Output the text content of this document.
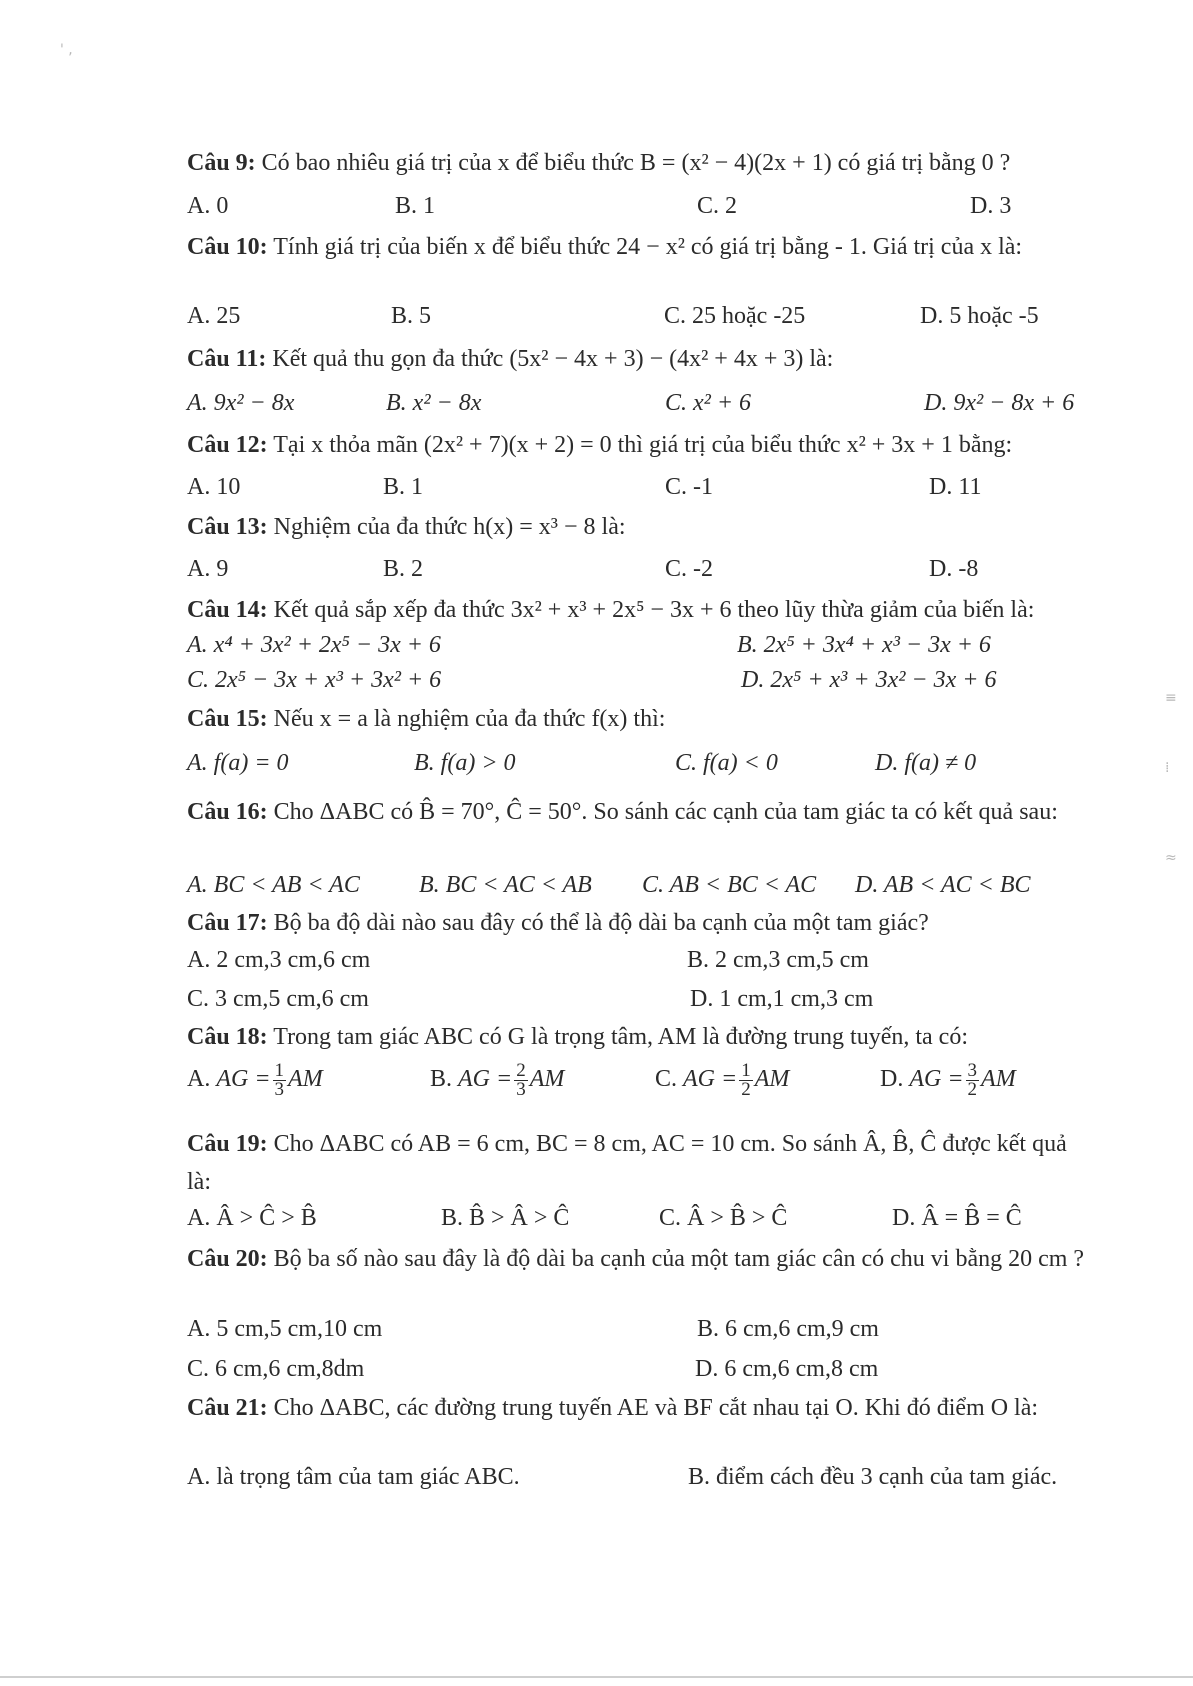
Câu 9: Có bao nhiêu giá trị của x để biểu thức B = (x² − 4)(2x + 1) có giá trị bằng 0 ?
A. 0	B. 1	C. 2	D. 3
Câu 10: Tính giá trị của biến x để biểu thức 24 − x² có giá trị bằng - 1. Giá trị của x là:
A. 25	B. 5	C. 25 hoặc -25	D. 5 hoặc -5
Câu 11: Kết quả thu gọn đa thức (5x² − 4x + 3) − (4x² + 4x + 3) là:
A. 9x² − 8x	B. x² − 8x	C. x² + 6	D. 9x² − 8x + 6
Câu 12: Tại x thỏa mãn (2x² + 7)(x + 2) = 0 thì giá trị của biểu thức x² + 3x + 1 bằng:
A. 10	B. 1	C. -1	D. 11
Câu 13: Nghiệm của đa thức h(x) = x³ − 8 là:
A. 9	B. 2	C. -2	D. -8
Câu 14: Kết quả sắp xếp đa thức 3x² + x³ + 2x⁵ − 3x + 6 theo lũy thừa giảm của biến là:
A. x⁴ + 3x² + 2x⁵ − 3x + 6	B. 2x⁵ + 3x⁴ + x³ − 3x + 6
C. 2x⁵ − 3x + x³ + 3x² + 6	D. 2x⁵ + x³ + 3x² − 3x + 6
Câu 15: Nếu x = a là nghiệm của đa thức f(x) thì:
A. f(a) = 0	B. f(a) > 0	C. f(a) < 0	D. f(a) ≠ 0
Câu 16: Cho ΔABC có B̂ = 70°, Ĉ = 50°. So sánh các cạnh của tam giác ta có kết quả sau:
A. BC < AB < AC B. BC < AC < AB C. AB < BC < AC D. AB < AC < BC
Câu 17: Bộ ba độ dài nào sau đây có thể là độ dài ba cạnh của một tam giác?
A. 2 cm,3 cm,6 cm	B. 2 cm,3 cm,5 cm
C. 3 cm,5 cm,6 cm	D. 1 cm,1 cm,3 cm
Câu 18: Trong tam giác ABC có G là trọng tâm, AM là đường trung tuyến, ta có:
A. AG = $\frac{1}{3}$ AM	B. AG = $\frac{2}{3}$ AM	C. AG = $\frac{1}{2}$ AM	D. AG = $\frac{3}{2}$ AM
Câu 19: Cho ΔABC có AB = 6 cm, BC = 8 cm, AC = 10 cm. So sánh Â, B̂, Ĉ được kết quả là:
A. Â > Ĉ > B̂	B. B̂ > Â > Ĉ	C. Â > B̂ > Ĉ	D. Â = B̂ = Ĉ
Câu 20: Bộ ba số nào sau đây là độ dài ba cạnh của một tam giác cân có chu vi bằng 20 cm ?
A. 5 cm,5 cm,10 cm	B. 6 cm,6 cm,9 cm
C. 6 cm,6 cm,8dm	D. 6 cm,6 cm,8 cm
Câu 21: Cho ΔABC, các đường trung tuyến AE và BF cắt nhau tại O. Khi đó điểm O là:
A. là trọng tâm của tam giác ABC.	B. điểm cách đều 3 cạnh của tam giác.
' ,
≡
⁞
≈
